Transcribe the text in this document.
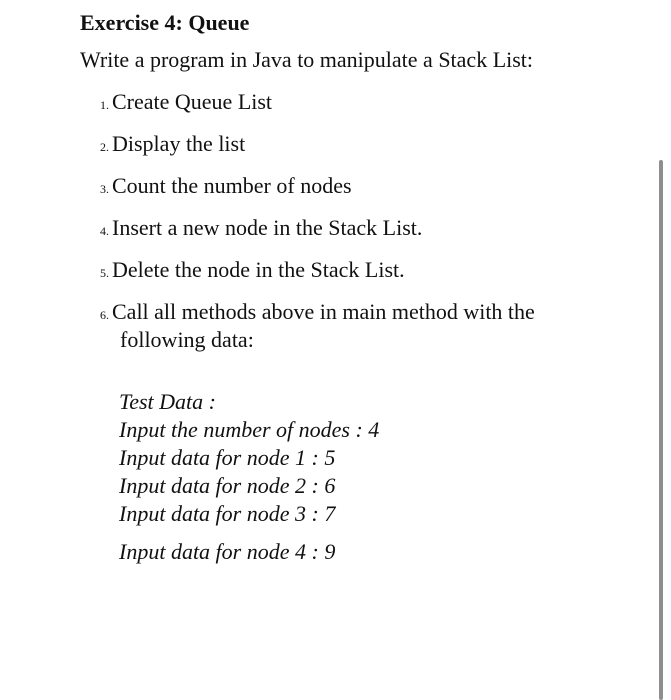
Exercise 4: Queue

Write a program in Java to manipulate a Stack List:

1. Create Queue List
2. Display the list
3. Count the number of nodes
4. Insert a new node in the Stack List.
5. Delete the node in the Stack List.
6. Call all methods above in main method with the following data:
Test Data :
Input the number of nodes : 4
Input data for node 1 : 5
Input data for node 2 : 6
Input data for node 3 : 7
Input data for node 4 : 9
